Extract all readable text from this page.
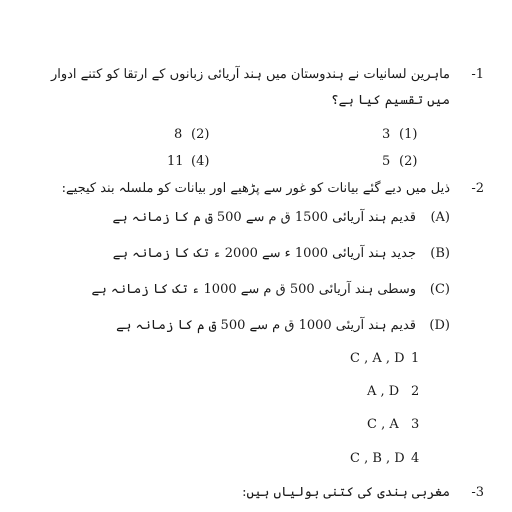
-1
ماہرین لسانیات نے ہندوستان میں ہند آریائی زبانوں کے ارتقا کو کتنے ادوار
میں تقسیم کیا ہے؟
(1)
3
(2)
8
(2)
5
(4)
11
-2
ذیل میں دیے گئے بیانات کو غور سے پڑھیے اور بیانات کو ملسلہ بند کیجیے:
(A)
قدیم ہند آریائی 1500 ق م سے 500 ق م کا زمانہ ہے
(B)
جدید ہند آریائی 1000 ء سے 2000 ء تک کا زمانہ ہے
(C)
وسطی ہند آریائی 500 ق م سے 1000 ء تک کا زمانہ ہے
(D)
قدیم ہند آریئی 1000 ق م سے 500 ق م کا زمانہ ہے
1
C , A , D
2
A , D
3
C , A
4
C , B , D
-3
مغربی ہندی کی کتنی بولیاں ہیں:
